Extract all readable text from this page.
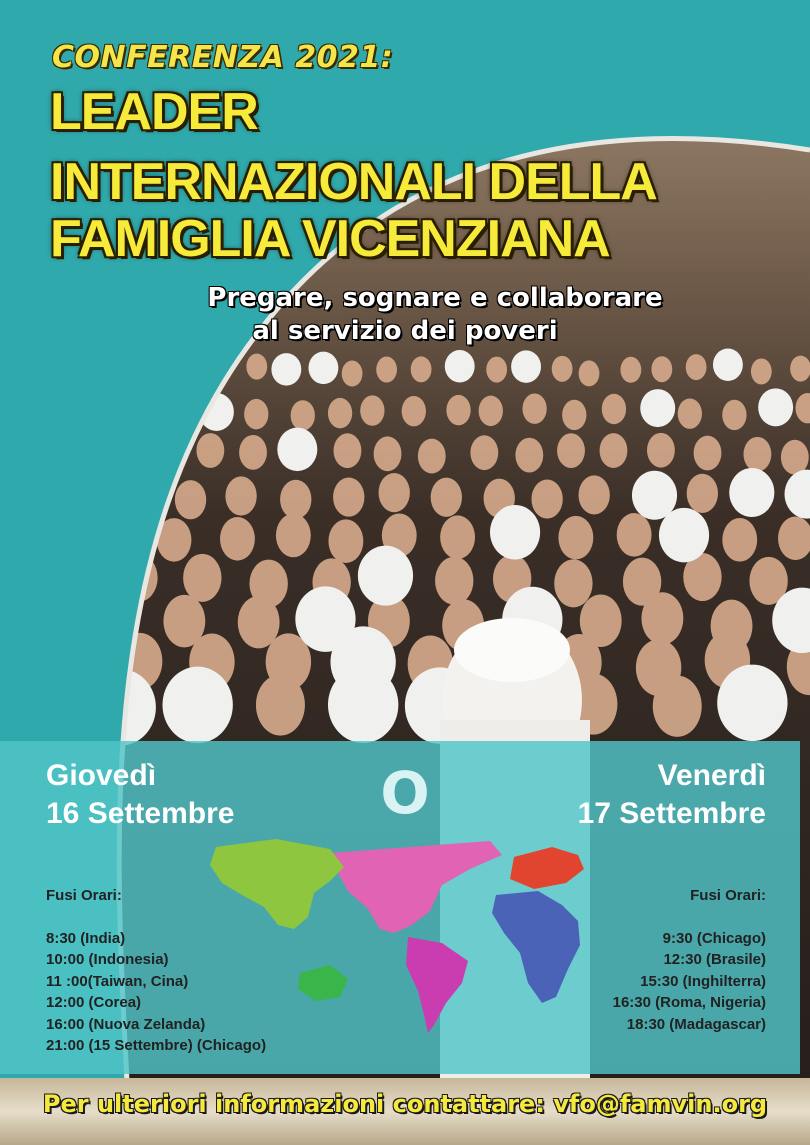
CONFERENZA 2021:
LEADER
INTERNAZIONALI DELLA
FAMIGLIA VICENZIANA
Pregare, sognare e collaborare
al servizio dei poveri
Giovedì
16 Settembre	O	Venerdì
17 Settembre
Fusi Orari:
8:30 (India)
10:00 (Indonesia)
11 :00(Taiwan, Cina)
12:00 (Corea)
16:00 (Nuova Zelanda)
21:00 (15 Settembre) (Chicago)
Fusi Orari:
9:30 (Chicago)
12:30 (Brasile)
15:30 (Inghilterra)
16:30 (Roma, Nigeria)
18:30 (Madagascar)
Per ulteriori informazioni contattare: vfo@famvin.org
